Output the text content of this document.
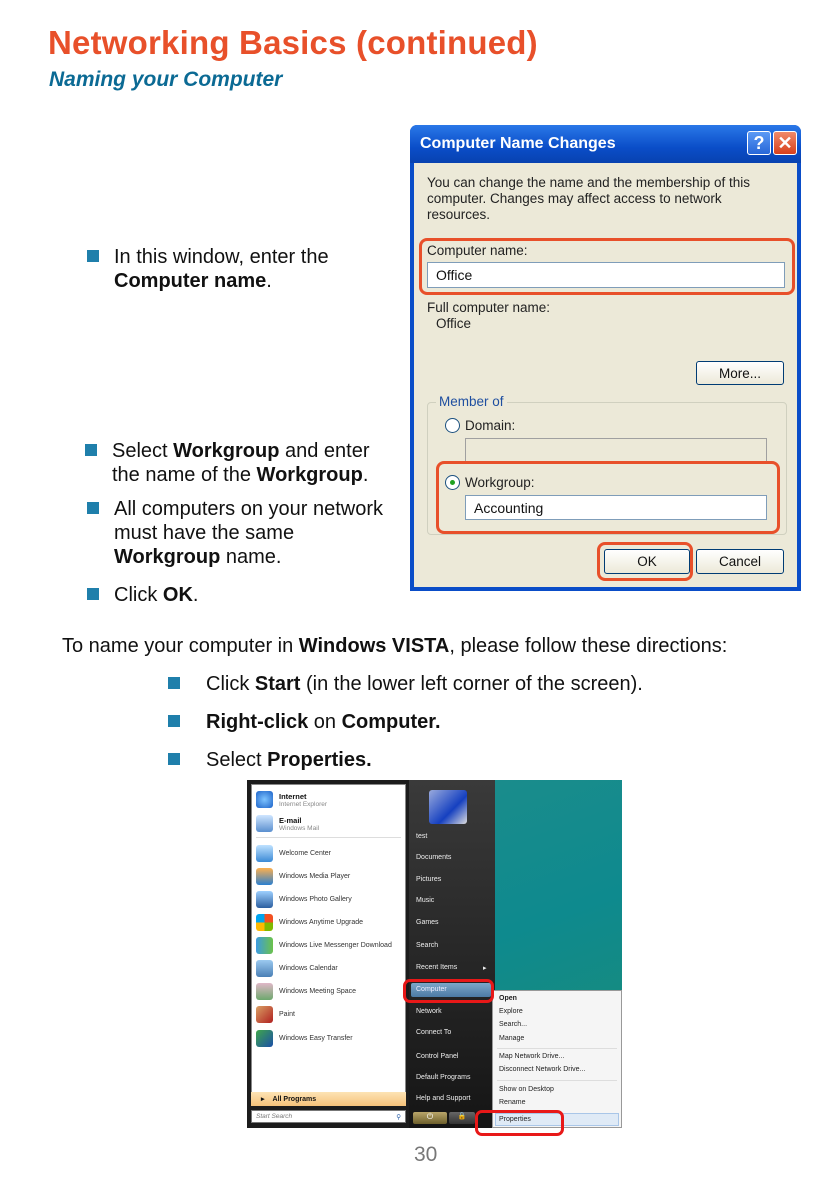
Networking Basics (continued)
Naming your Computer
In this window, enter the Computer name.
Select Workgroup and enter the name of the Workgroup.
All computers on your network must have the same Workgroup name.
Click OK.
Computer Name Changes	? ✕
You can change the name and the membership of this computer. Changes may affect access to network resources.
Computer name:
Office
Full computer name:
Office
More...
Member of
Domain:
Workgroup:
Accounting
OK	Cancel
To name your computer in Windows VISTA, please follow these directions:
Click Start (in the lower left corner of the screen).
Right-click on Computer.
Select Properties.
Internet
Internet Explorer
E-mail
Windows Mail
Welcome Center
Windows Media Player
Windows Photo Gallery
Windows Anytime Upgrade
Windows Live Messenger Download
Windows Calendar
Windows Meeting Space
Paint
Windows Easy Transfer
▸ All Programs
Start Search	⚲
test
Documents
Pictures
Music
Games
Search
Recent Items	▸
Computer
Network
Connect To
Control Panel
Default Programs
Help and Support
⏻	🔒
Open
Explore
Search...
Manage
Map Network Drive...
Disconnect Network Drive...
Show on Desktop
Rename
Properties
30
